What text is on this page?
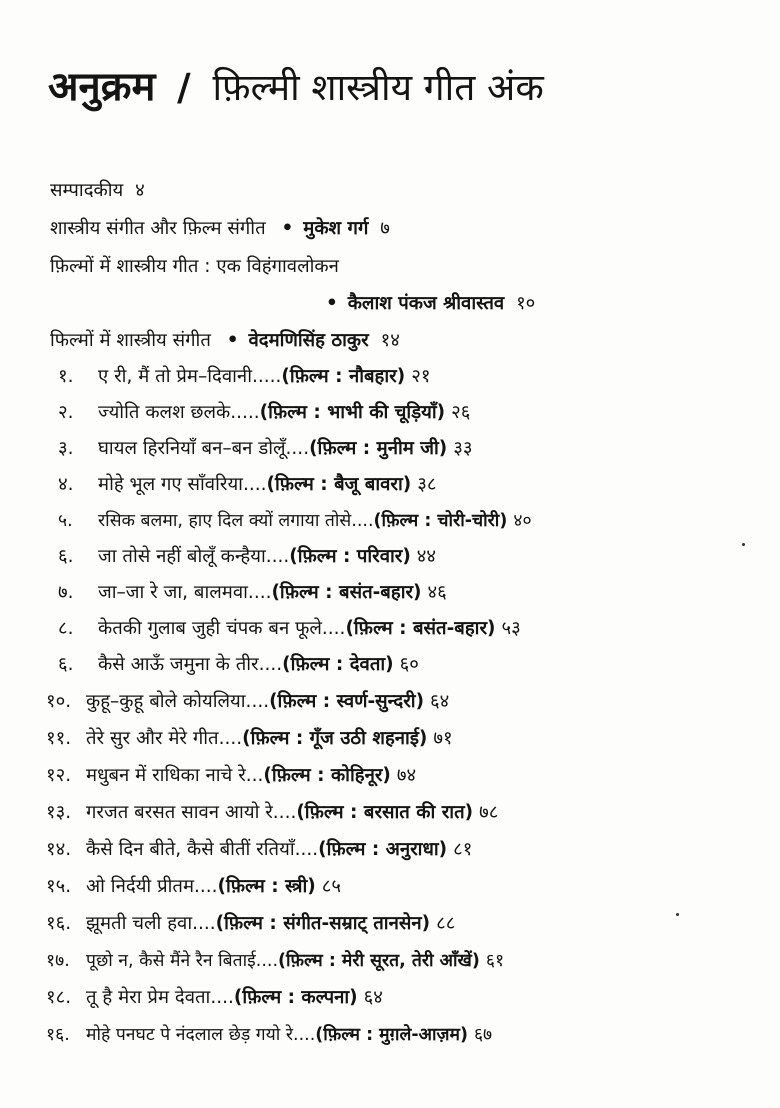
अनुक्रम / फ़िल्मी शास्त्रीय गीत अंक
सम्पादकीय ४
शास्त्रीय संगीत और फ़िल्म संगीत • मुकेश गर्ग ७
फ़िल्मों में शास्त्रीय गीत : एक विहंगावलोकन
• कैलाश पंकज श्रीवास्तव १०
फिल्मों में शास्त्रीय संगीत • वेदमणिसिंह ठाकुर १४
१. ए री, मैं तो प्रेम–दिवानी.....(फ़िल्म : नौबहार) २१
२. ज्योति कलश छलके.....(फ़िल्म : भाभी की चूड़ियाँ) २६
३. घायल हिरनियाँ बन–बन डोलूँ....(फ़िल्म : मुनीम जी) ३३
४. मोहे भूल गए साँवरिया....(फ़िल्म : बैजू बावरा) ३८
५. रसिक बलमा, हाए दिल क्यों लगाया तोसे....(फ़िल्म : चोरी-चोरी) ४०
६. जा तोसे नहीं बोलूँ कन्हैया....(फ़िल्म : परिवार) ४४
७. जा–जा रे जा, बालमवा....(फ़िल्म : बसंत-बहार) ४६
८. केतकी गुलाब जुही चंपक बन फूले....(फ़िल्म : बसंत-बहार) ५३
६. कैसे आऊँ जमुना के तीर....(फ़िल्म : देवता) ६०
१०. कुहू–कुहू बोले कोयलिया....(फ़िल्म : स्वर्ण-सुन्दरी) ६४
११. तेरे सुर और मेरे गीत....(फ़िल्म : गूँज उठी शहनाई) ७१
१२. मधुबन में राधिका नाचे रे...(फ़िल्म : कोहिनूर) ७४
१३. गरजत बरसत सावन आयो रे....(फ़िल्म : बरसात की रात) ७८
१४. कैसे दिन बीते, कैसे बीतीं रतियाँ....(फ़िल्म : अनुराधा) ८१
१५. ओ निर्दयी प्रीतम....(फ़िल्म : स्त्री) ८५
१६. झूमती चली हवा....(फ़िल्म : संगीत-सम्राट् तानसेन) ८८
१७. पूछो न, कैसे मैंने रैन बिताई....(फ़िल्म : मेरी सूरत, तेरी आँखें) ६१
१८. तू है मेरा प्रेम देवता....(फ़िल्म : कल्पना) ६४
१६. मोहे पनघट पे नंदलाल छेड़ गयो रे....(फ़िल्म : मुग़ले-आज़म) ६७
